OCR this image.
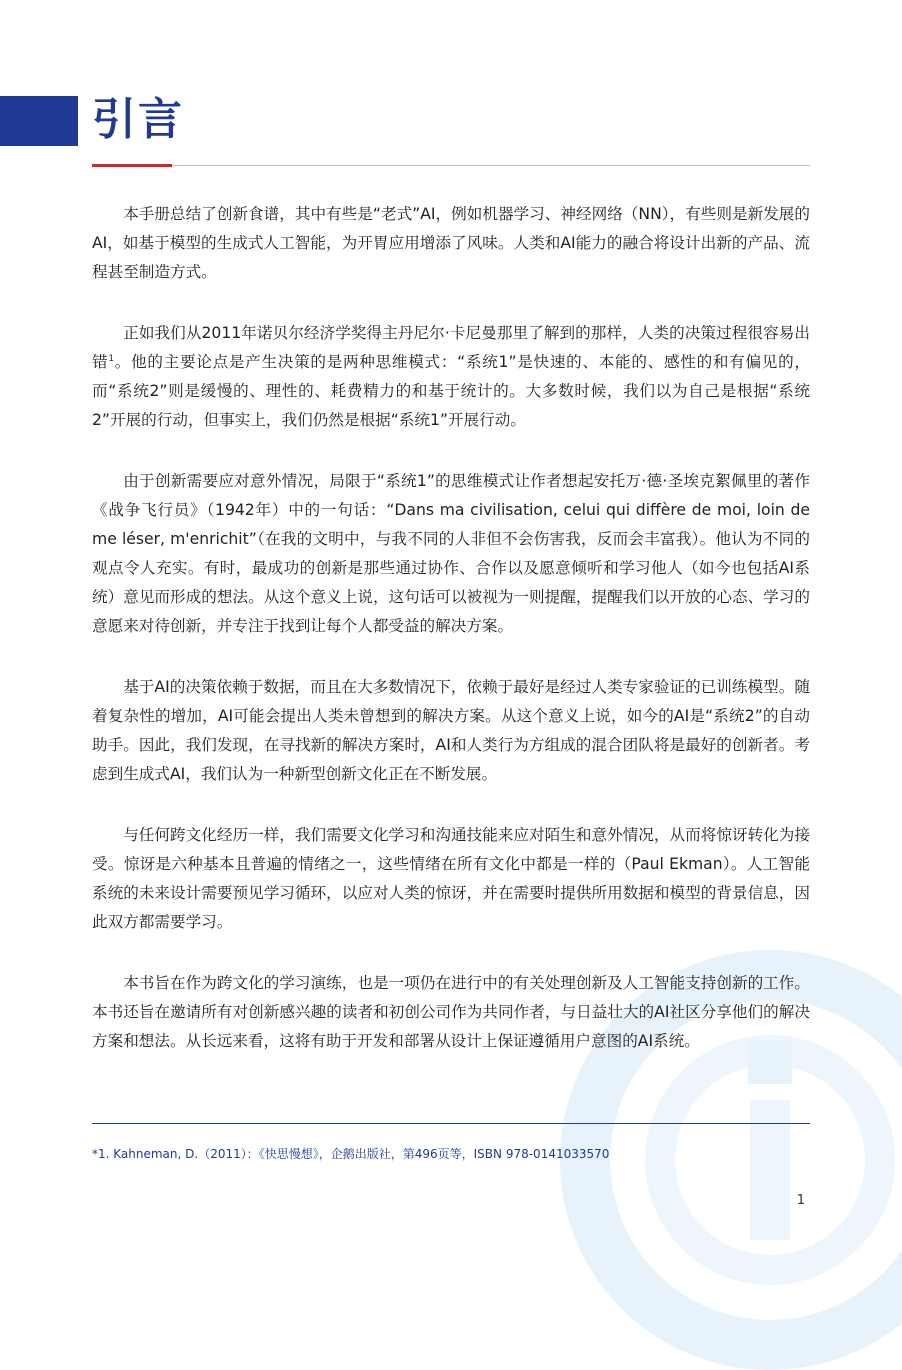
引言

本手册总结了创新食谱，其中有些是“老式”AI，例如机器学习、神经网络（NN），有些则是新发展的AI，如基于模型的生成式人工智能，为开胃应用增添了风味。人类和AI能力的融合将设计出新的产品、流程甚至制造方式。

正如我们从2011年诺贝尔经济学奖得主丹尼尔·卡尼曼那里了解到的那样，人类的决策过程很容易出错$^1$。他的主要论点是产生决策的是两种思维模式：“系统1”是快速的、本能的、感性的和有偏见的，而“系统2”则是缓慢的、理性的、耗费精力的和基于统计的。大多数时候，我们以为自己是根据“系统2”开展的行动，但事实上，我们仍然是根据“系统1”开展行动。

由于创新需要应对意外情况，局限于“系统1”的思维模式让作者想起安托万·德·圣埃克絮佩里的著作《战争飞行员》（1942年）中的一句话：“Dans ma civilisation, celui qui diffère de moi, loin de me léser, m'enrichit”（在我的文明中，与我不同的人非但不会伤害我，反而会丰富我）。他认为不同的观点令人充实。有时，最成功的创新是那些通过协作、合作以及愿意倾听和学习他人（如今也包括AI系统）意见而形成的想法。从这个意义上说，这句话可以被视为一则提醒，提醒我们以开放的心态、学习的意愿来对待创新，并专注于找到让每个人都受益的解决方案。

基于AI的决策依赖于数据，而且在大多数情况下，依赖于最好是经过人类专家验证的已训练模型。随着复杂性的增加，AI可能会提出人类未曾想到的解决方案。从这个意义上说，如今的AI是“系统2”的自动助手。因此，我们发现，在寻找新的解决方案时，AI和人类行为方组成的混合团队将是最好的创新者。考虑到生成式AI，我们认为一种新型创新文化正在不断发展。

与任何跨文化经历一样，我们需要文化学习和沟通技能来应对陌生和意外情况，从而将惊讶转化为接受。惊讶是六种基本且普遍的情绪之一，这些情绪在所有文化中都是一样的（Paul Ekman）。人工智能系统的未来设计需要预见学习循环，以应对人类的惊讶，并在需要时提供所用数据和模型的背景信息，因此双方都需要学习。

本书旨在作为跨文化的学习演练，也是一项仍在进行中的有关处理创新及人工智能支持创新的工作。本书还旨在邀请所有对创新感兴趣的读者和初创公司作为共同作者，与日益壮大的AI社区分享他们的解决方案和想法。从长远来看，这将有助于开发和部署从设计上保证遵循用户意图的AI系统。

*1. Kahneman, D.（2011）：《快思慢想》，企鹅出版社，第496页等，ISBN 978-0141033570

1
